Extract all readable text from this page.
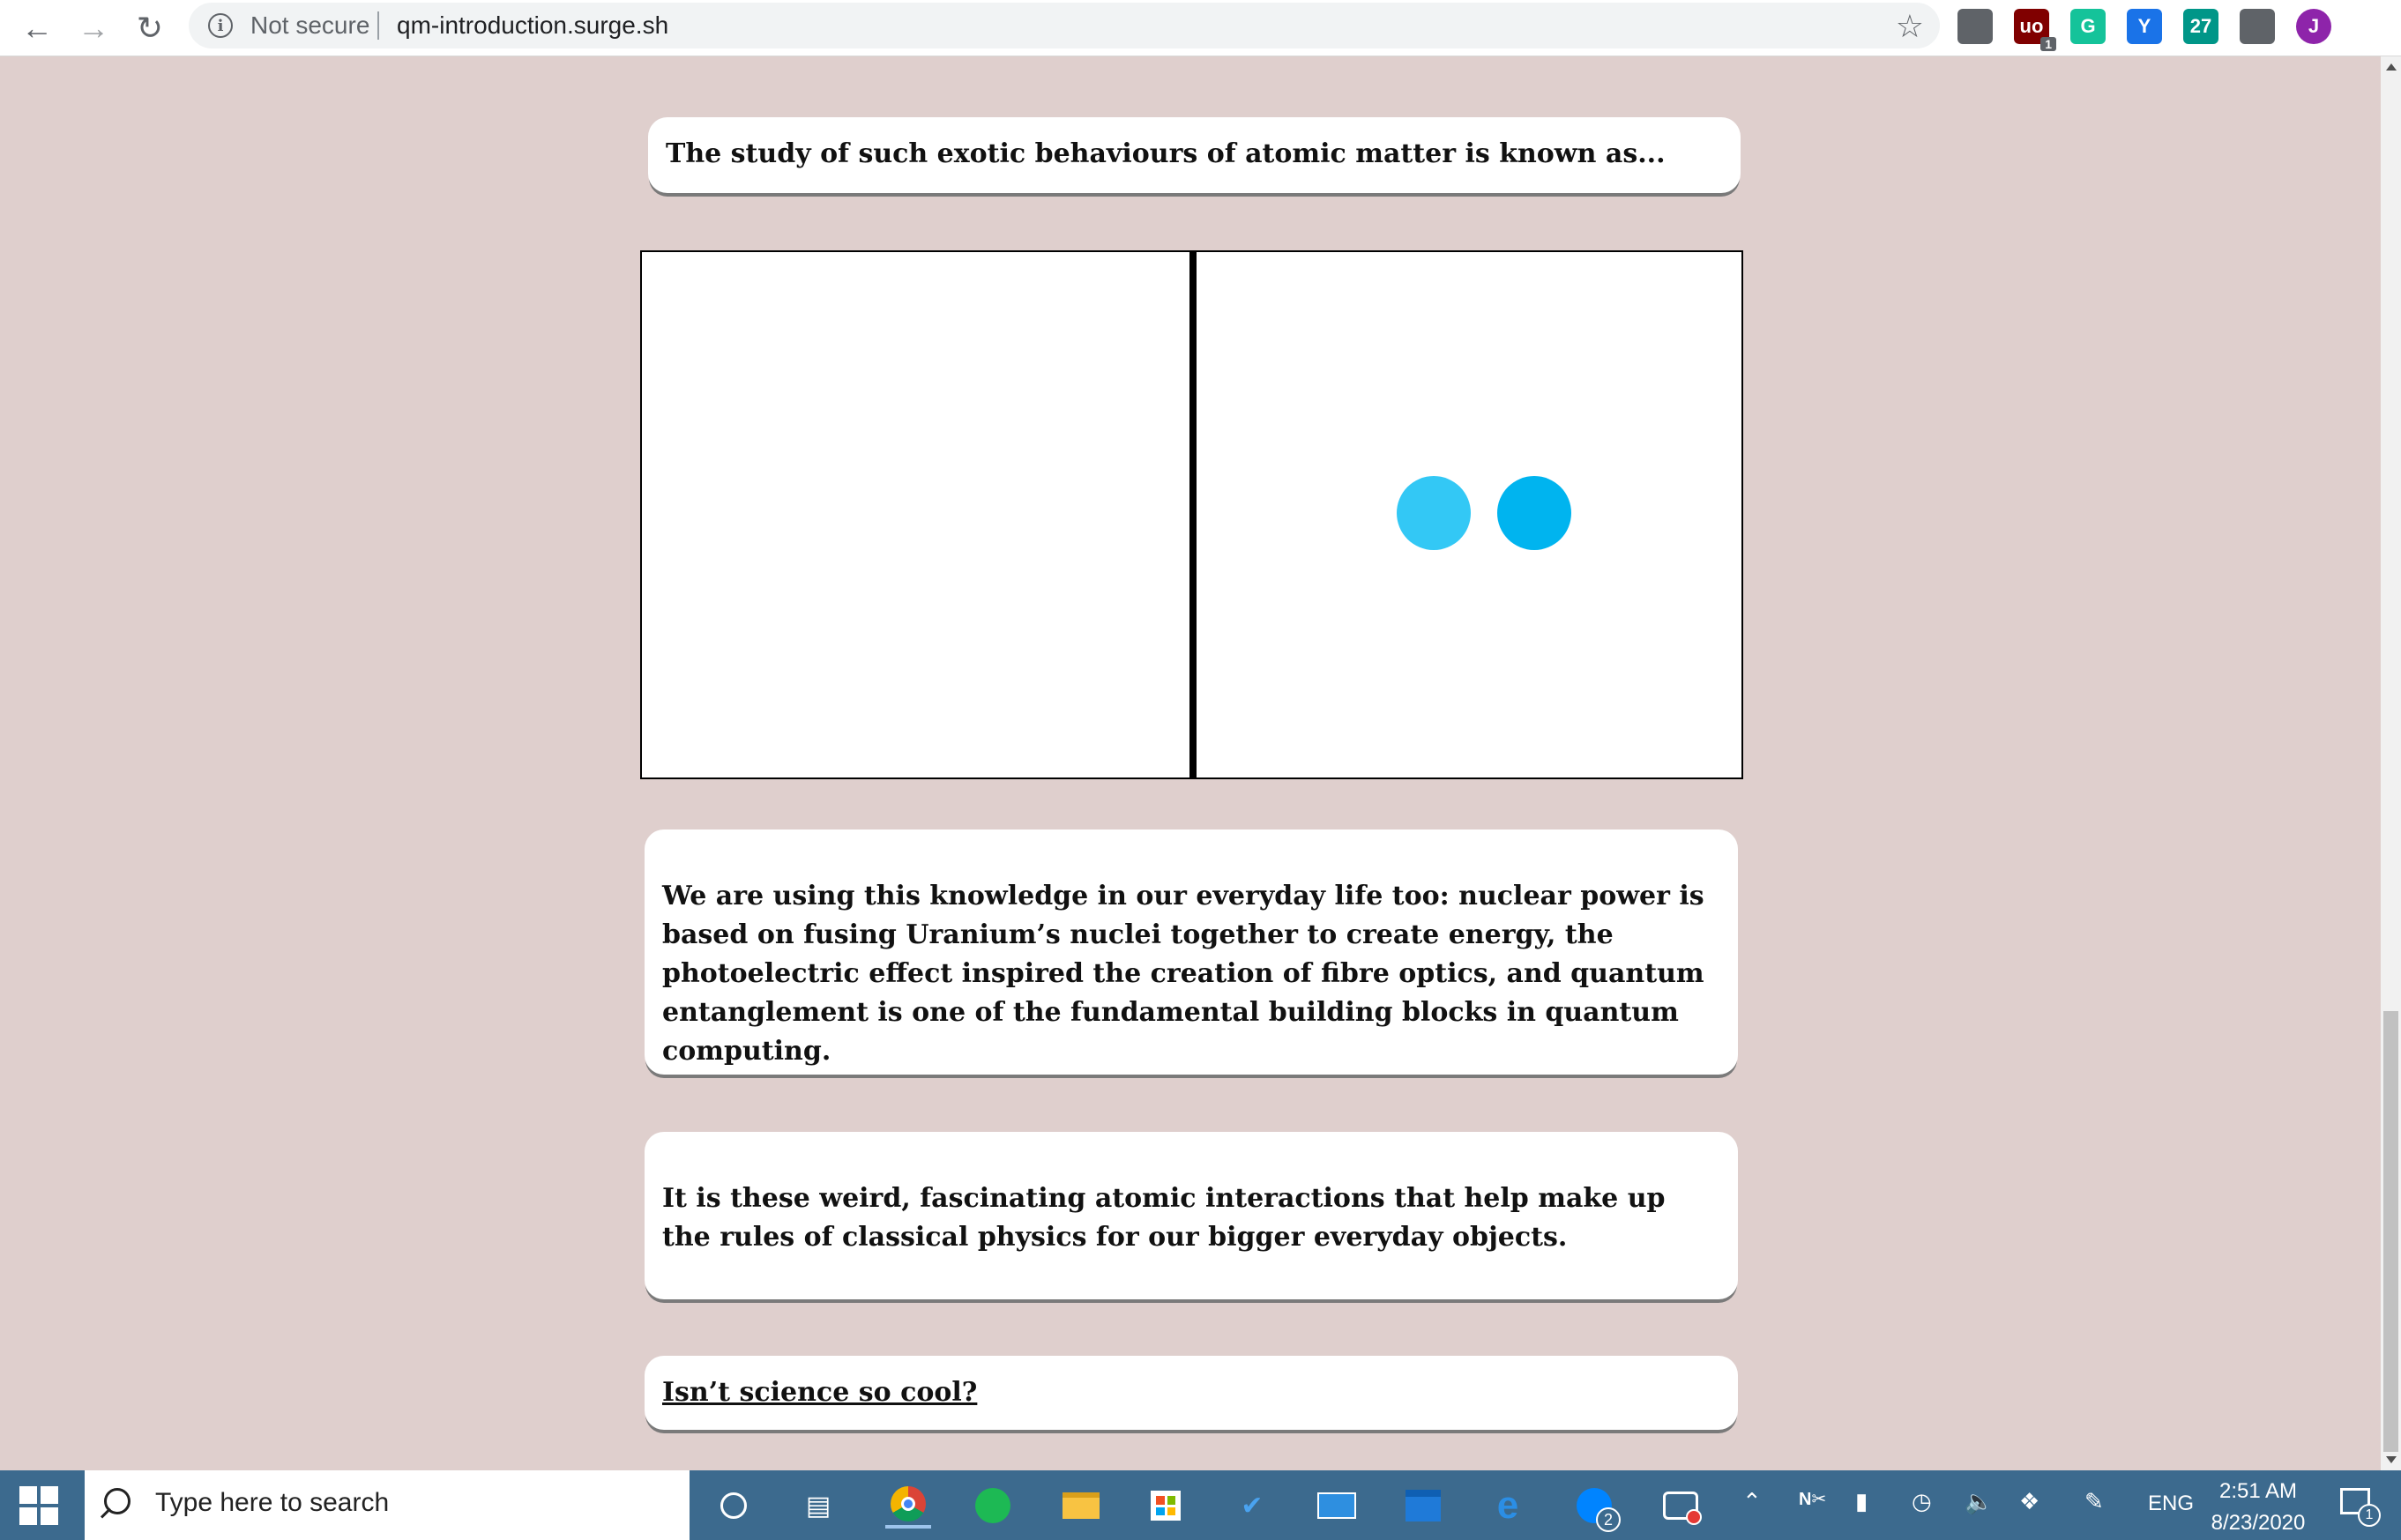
← → ↻	i	Not secure qm-introduction.surge.sh	☆	uo
1
G	Y	27	J

The study of such exotic behaviours of atomic matter is known as...

We are using this knowledge in our everyday life too: nuclear power is based on fusing Uranium’s nuclei together to create energy, the photoelectric effect inspired the creation of fibre optics, and quantum entanglement is one of the fundamental building blocks in quantum computing.

It is these weird, fascinating atomic interactions that help make up the rules of classical physics for our bigger everyday objects.

Isn’t science so cool?

Type here to search	▤	✔	e	2
⌃ N✂ ▮ ◷ 🔈 ❖ ✎ ENG
2:51 AM
8/23/2020	1
